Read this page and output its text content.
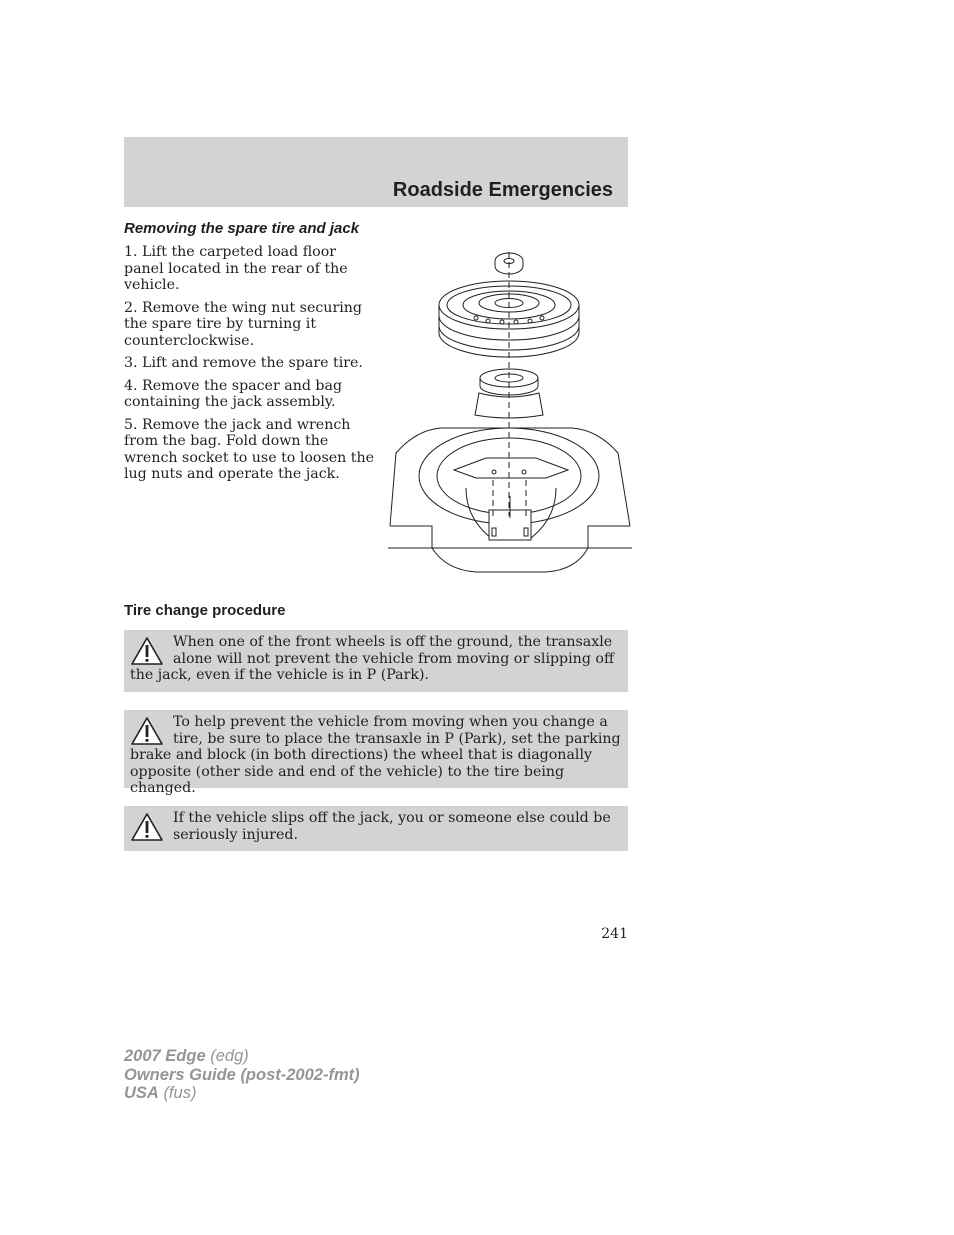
Roadside Emergencies
Removing the spare tire and jack
1. Lift the carpeted load floor panel located in the rear of the vehicle.
2. Remove the wing nut securing the spare tire by turning it counterclockwise.
3. Lift and remove the spare tire.
4. Remove the spacer and bag containing the jack assembly.
5. Remove the jack and wrench from the bag. Fold down the wrench socket to use to loosen the lug nuts and operate the jack.
Tire change procedure
When one of the front wheels is off the ground, the transaxle alone will not prevent the vehicle from moving or slipping off the jack, even if the vehicle is in P (Park).
To help prevent the vehicle from moving when you change a tire, be sure to place the transaxle in P (Park), set the parking brake and block (in both directions) the wheel that is diagonally opposite (other side and end of the vehicle) to the tire being changed.
If the vehicle slips off the jack, you or someone else could be seriously injured.
241
2007 Edge (edg)
Owners Guide (post-2002-fmt)
USA (fus)
